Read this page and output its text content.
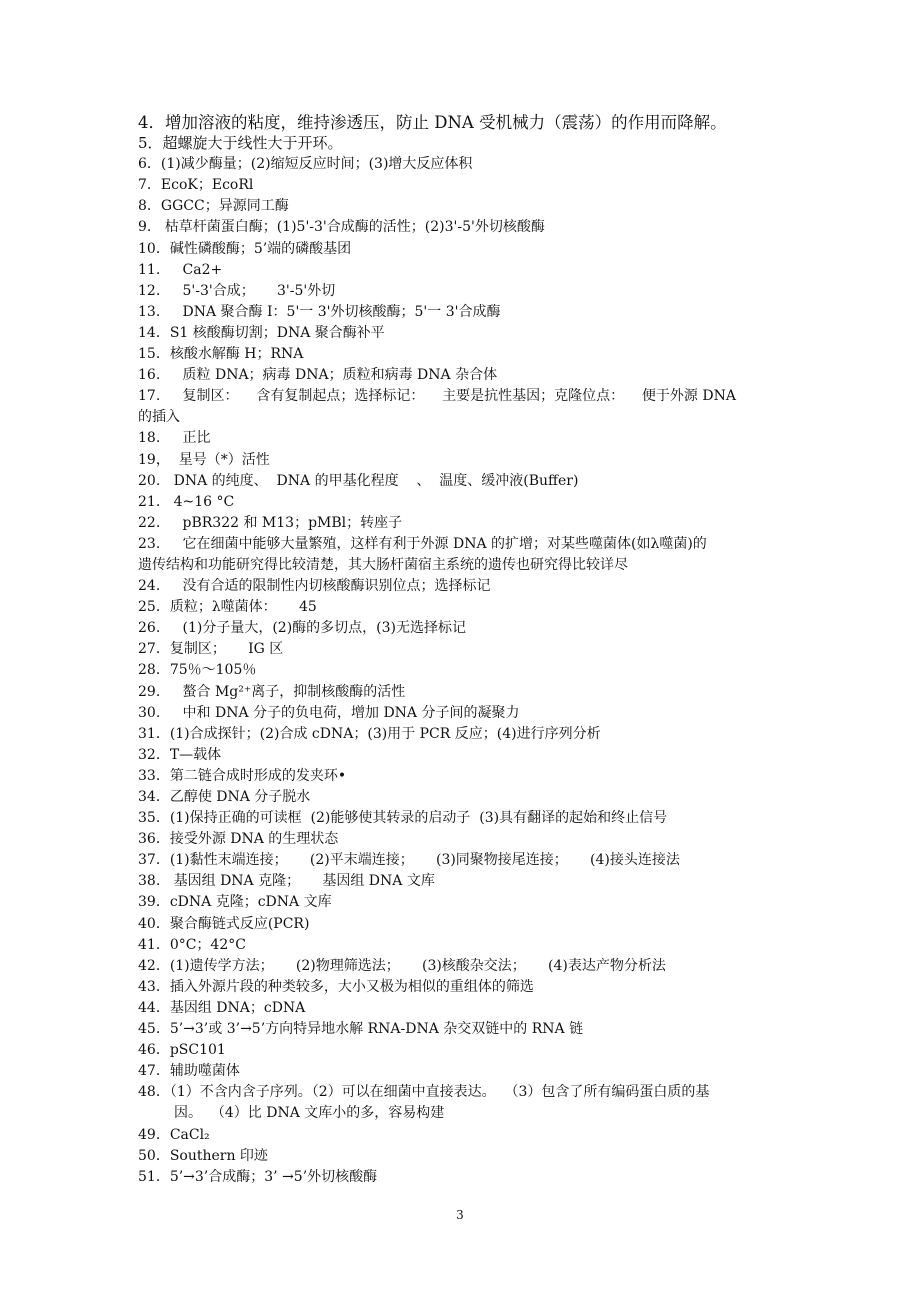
4．增加溶液的粘度，维持渗透压，防止 DNA 受机械力（震荡）的作用而降解。
5．超螺旋大于线性大于开环。
6．(1)减少酶量；(2)缩短反应时间；(3)增大反应体积
7．EcoK；EcoRl
8．GGCC；异源同工酶
9.   枯草杆菌蛋白酶；(1)5'-3'合成酶的活性；(2)3'-5'外切核酸酶
10．碱性磷酸酶；5’端的磷酸基团
11.     Ca2+
12.     5'-3'合成；     3'-5'外切
13.     DNA 聚合酶 I：5'一 3'外切核酸酶；5'一 3'合成酶
14．S1 核酸酶切割；DNA 聚合酶补平
15．核酸水解酶 H；RNA
16.     质粒 DNA；病毒 DNA；质粒和病毒 DNA 杂合体
17.     复制区：    含有复制起点；选择标记：    主要是抗性基因；克隆位点：    便于外源 DNA
的插入
18.     正比
19，  星号（*）活性
20.   DNA 的纯度、  DNA 的甲基化程度    、  温度、缓冲液(Buffer)
21.   4~16 °C
22.     pBR322 和 M13；pMBl；转座子
23.     它在细菌中能够大量繁殖，这样有利于外源 DNA 的扩增；对某些噬菌体(如λ噬菌)的
遗传结构和功能研究得比较清楚，其大肠杆菌宿主系统的遗传也研究得比较详尽
24.     没有合适的限制性内切核酸酶识别位点；选择标记
25．质粒；λ噬菌体：     45
26.     (1)分子量大，(2)酶的多切点，(3)无选择标记
27．复制区；     IG 区
28．75％～105％
29.     螯合 Mg²⁺离子，抑制核酸酶的活性
30.     中和 DNA 分子的负电荷，增加 DNA 分子间的凝聚力
31．(1)合成探针；(2)合成 cDNA；(3)用于 PCR 反应；(4)进行序列分析
32．T—载体
33．第二链合成时形成的发夹环•
34．乙醇使 DNA 分子脱水
35．(1)保持正确的可读框  (2)能够使其转录的启动子  (3)具有翻译的起始和终止信号
36．接受外源 DNA 的生理状态
37．(1)黏性末端连接；     (2)平末端连接；     (3)同聚物接尾连接；     (4)接头连接法
38.   基因组 DNA 克隆；     基因组 DNA 文库
39．cDNA 克隆；cDNA 文库
40．聚合酶链式反应(PCR)
41．0°C；42°C
42．(1)遗传学方法；     (2)物理筛选法；     (3)核酸杂交法；     (4)表达产物分析法
43．插入外源片段的种类较多，大小又极为相似的重组体的筛选
44．基因组 DNA；cDNA
45．5’→3’或 3’→5’方向特异地水解 RNA-DNA 杂交双链中的 RNA 链
46．pSC101
47．辅助噬菌体
48．（1）不含内含子序列。（2）可以在细菌中直接表达。  （3）包含了所有编码蛋白质的基
因。  （4）比 DNA 文库小的多，容易构建
49．CaCl₂
50．Southern 印迹
51．5’→3’合成酶；3’ →5’外切核酸酶
3
